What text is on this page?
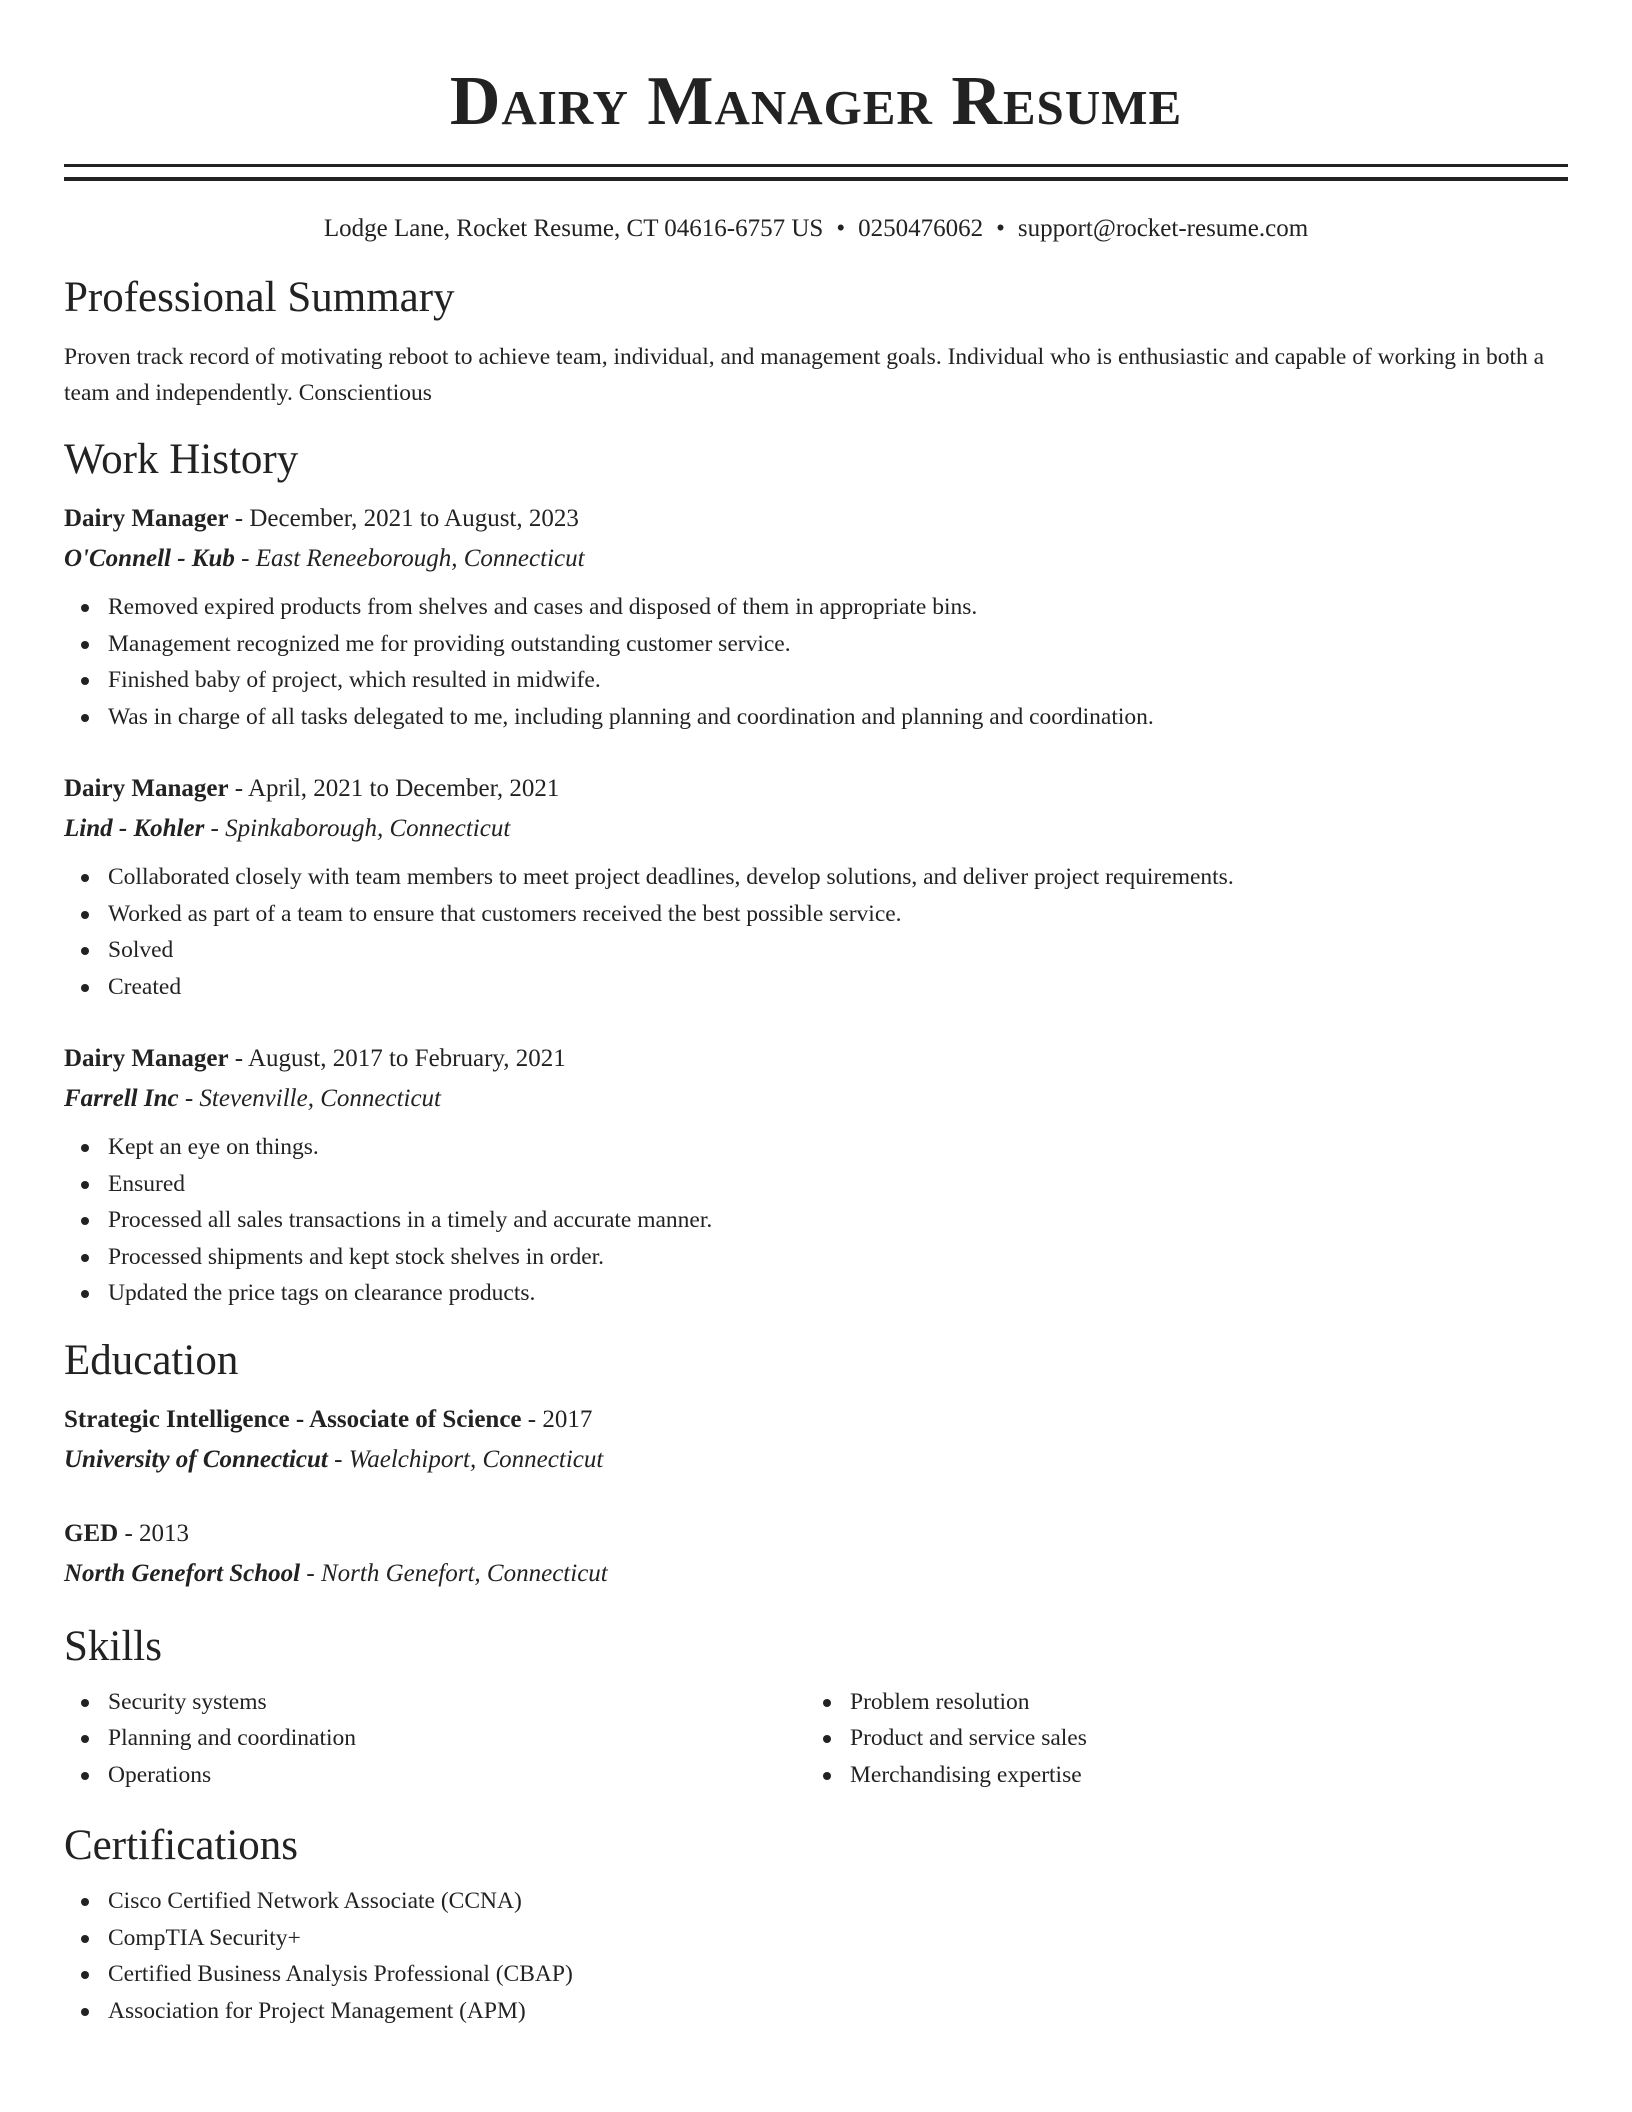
Dairy Manager Resume
Lodge Lane, Rocket Resume, CT 04616-6757 US • 0250476062 • support@rocket-resume.com
Professional Summary
Proven track record of motivating reboot to achieve team, individual, and management goals. Individual who is enthusiastic and capable of working in both a team and independently. Conscientious
Work History
Dairy Manager - December, 2021 to August, 2023
O'Connell - Kub - East Reneeborough, Connecticut
Removed expired products from shelves and cases and disposed of them in appropriate bins.
Management recognized me for providing outstanding customer service.
Finished baby of project, which resulted in midwife.
Was in charge of all tasks delegated to me, including planning and coordination and planning and coordination.
Dairy Manager - April, 2021 to December, 2021
Lind - Kohler - Spinkaborough, Connecticut
Collaborated closely with team members to meet project deadlines, develop solutions, and deliver project requirements.
Worked as part of a team to ensure that customers received the best possible service.
Solved
Created
Dairy Manager - August, 2017 to February, 2021
Farrell Inc - Stevenville, Connecticut
Kept an eye on things.
Ensured
Processed all sales transactions in a timely and accurate manner.
Processed shipments and kept stock shelves in order.
Updated the price tags on clearance products.
Education
Strategic Intelligence - Associate of Science - 2017
University of Connecticut - Waelchiport, Connecticut
GED - 2013
North Genefort School - North Genefort, Connecticut
Skills
Security systems
Planning and coordination
Operations
Problem resolution
Product and service sales
Merchandising expertise
Certifications
Cisco Certified Network Associate (CCNA)
CompTIA Security+
Certified Business Analysis Professional (CBAP)
Association for Project Management (APM)
